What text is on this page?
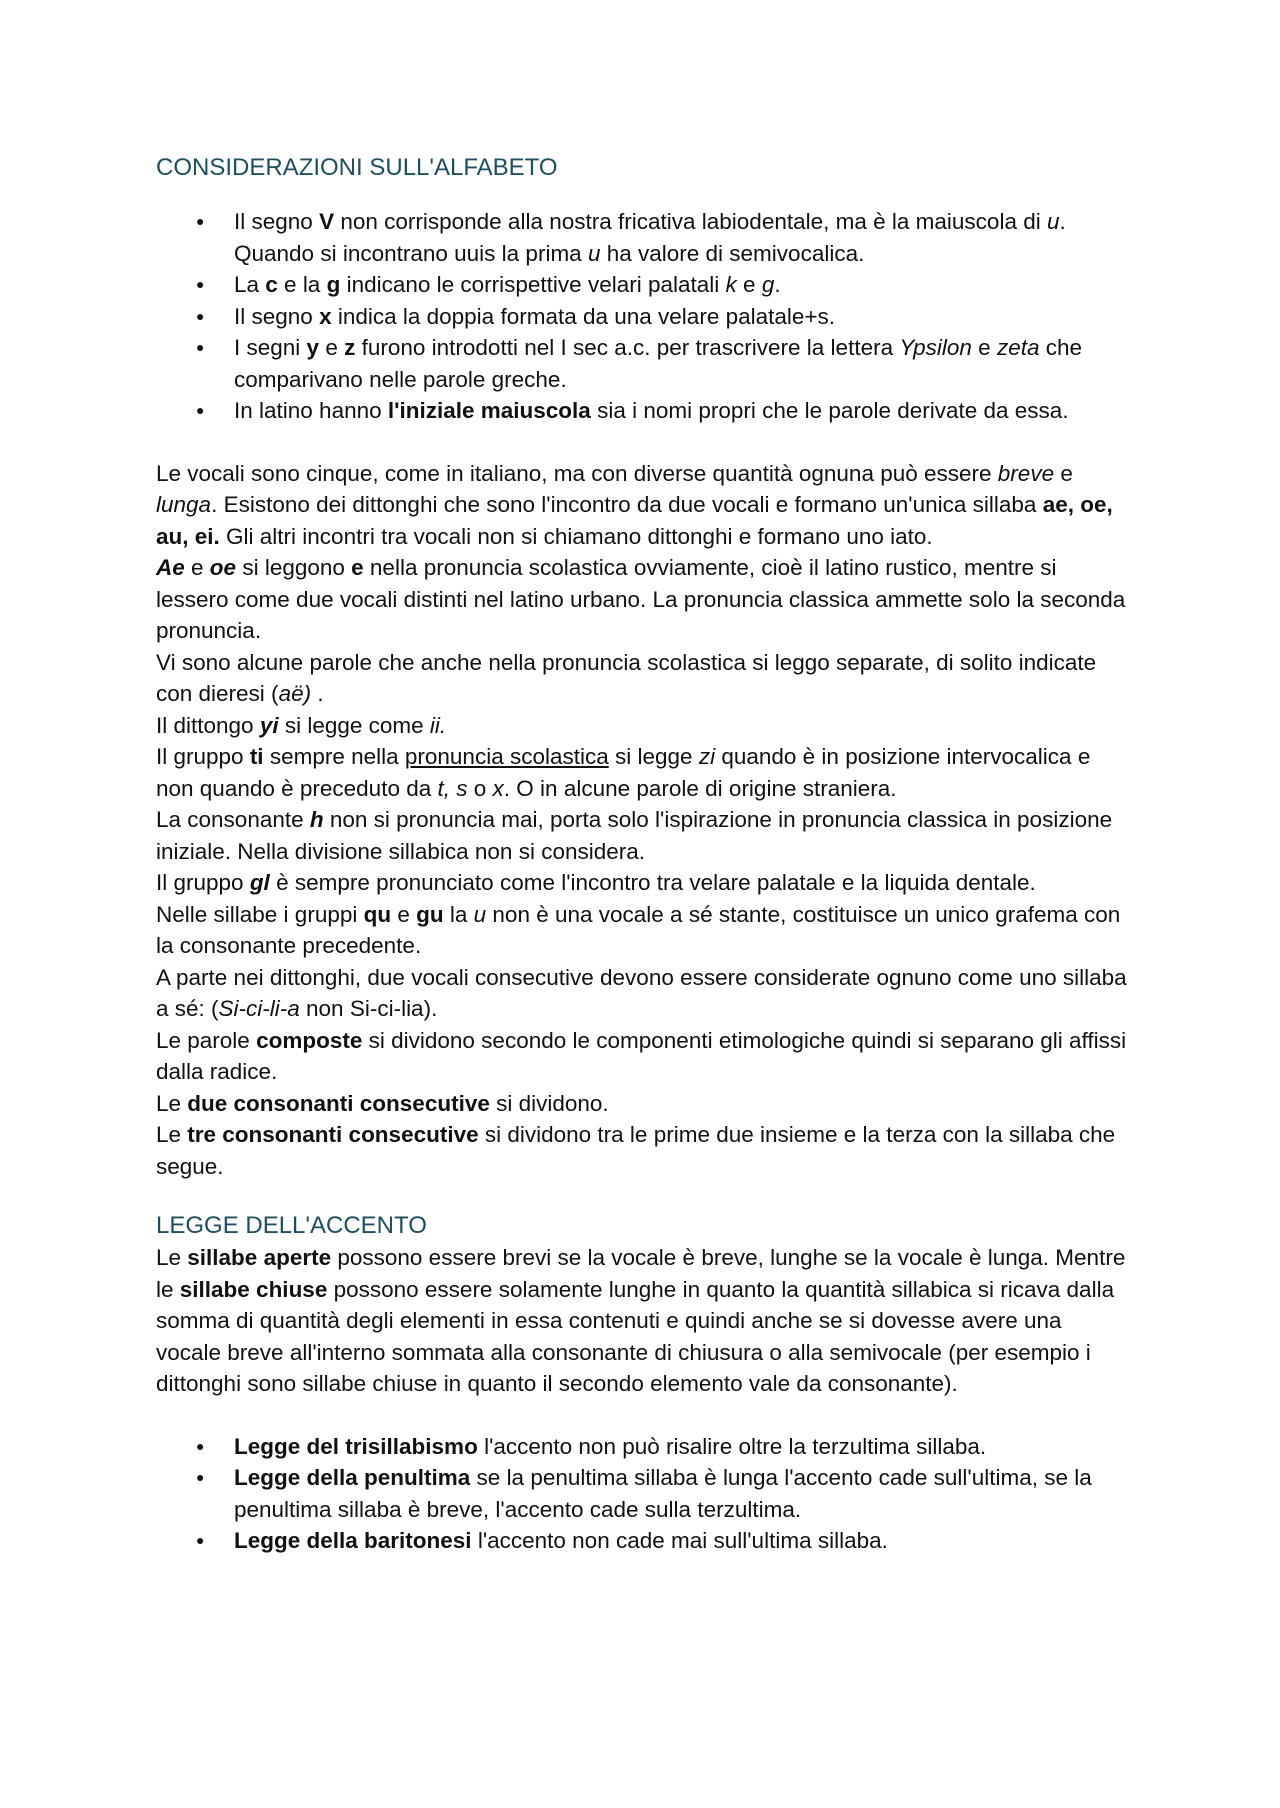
CONSIDERAZIONI SULL'ALFABETO
● Il segno V non corrisponde alla nostra fricativa labiodentale, ma è la maiuscola di u. Quando si incontrano uuis la prima u ha valore di semivocalica.
● La c e la g indicano le corrispettive velari palatali k e g.
● Il segno x indica la doppia formata da una velare palatale+s.
● I segni y e z furono introdotti nel I sec a.c. per trascrivere la lettera Ypsilon e zeta che comparivano nelle parole greche.
● In latino hanno l'iniziale maiuscola sia i nomi propri che le parole derivate da essa.

Le vocali sono cinque, come in italiano, ma con diverse quantità ognuna può essere breve e lunga. Esistono dei dittonghi che sono l'incontro da due vocali e formano un'unica sillaba ae, oe, au, ei. Gli altri incontri tra vocali non si chiamano dittonghi e formano uno iato.

Ae e oe si leggono e nella pronuncia scolastica ovviamente, cioè il latino rustico, mentre si lessero come due vocali distinti nel latino urbano. La pronuncia classica ammette solo la seconda pronuncia.

Vi sono alcune parole che anche nella pronuncia scolastica si leggo separate, di solito indicate con dieresi (aë) .

Il dittongo yi si legge come ii.

Il gruppo ti sempre nella pronuncia scolastica si legge zi quando è in posizione intervocalica e non quando è preceduto da t, s o x. O in alcune parole di origine straniera.

La consonante h non si pronuncia mai, porta solo l'ispirazione in pronuncia classica in posizione iniziale. Nella divisione sillabica non si considera.

Il gruppo gl è sempre pronunciato come l'incontro tra velare palatale e la liquida dentale.

Nelle sillabe i gruppi qu e gu la u non è una vocale a sé stante, costituisce un unico grafema con la consonante precedente.

A parte nei dittonghi, due vocali consecutive devono essere considerate ognuno come uno sillaba a sé: (Si-ci-li-a non Si-ci-lia).

Le parole composte si dividono secondo le componenti etimologiche quindi si separano gli affissi dalla radice.

Le due consonanti consecutive si dividono.

Le tre consonanti consecutive si dividono tra le prime due insieme e la terza con la sillaba che segue.

LEGGE DELL'ACCENTO

Le sillabe aperte possono essere brevi se la vocale è breve, lunghe se la vocale è lunga. Mentre le sillabe chiuse possono essere solamente lunghe in quanto la quantità sillabica si ricava dalla somma di quantità degli elementi in essa contenuti e quindi anche se si dovesse avere una vocale breve all'interno sommata alla consonante di chiusura o alla semivocale (per esempio i dittonghi sono sillabe chiuse in quanto il secondo elemento vale da consonante).

● Legge del trisillabismo l'accento non può risalire oltre la terzultima sillaba.
● Legge della penultima se la penultima sillaba è lunga l'accento cade sull'ultima, se la penultima sillaba è breve, l'accento cade sulla terzultima.
● Legge della baritonesi l'accento non cade mai sull'ultima sillaba.
